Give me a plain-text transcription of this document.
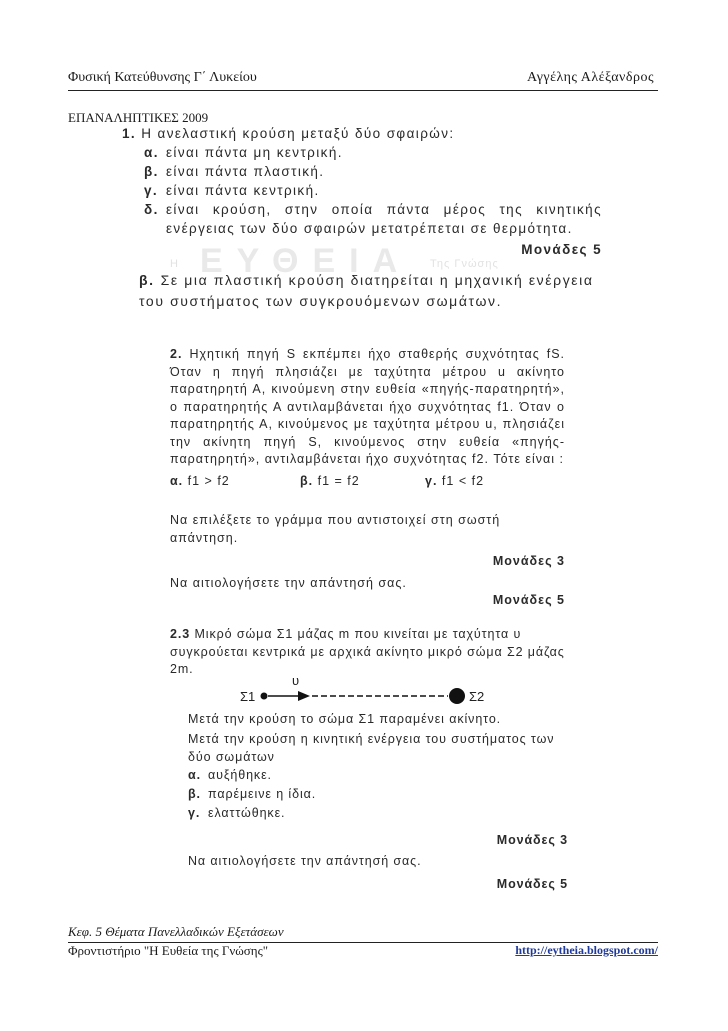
Φυσική Κατεύθυνσης Γ΄ Λυκείου	Αγγέλης Αλέξανδρος
ΕΠΑΝΑΛΗΠΤΙΚΕΣ 2009
1. Η ανελαστική κρούση μεταξύ δύο σφαιρών:
α. είναι πάντα μη κεντρική.
β. είναι πάντα πλαστική.
γ. είναι πάντα κεντρική.
δ. είναι κρούση, στην οποία πάντα μέρος της κινητικής ενέργειας των δύο σφαιρών μετατρέπεται σε θερμότητα.
Μονάδες 5
Η ΕΥΘΕΙΑ Της Γνώσης
β. Σε μια πλαστική κρούση διατηρείται η μηχανική ενέργεια του συστήματος των συγκρουόμενων σωμάτων.
2. Ηχητική πηγή S εκπέμπει ήχο σταθερής συχνότητας fS. Όταν η πηγή πλησιάζει με ταχύτητα μέτρου u ακίνητο παρατηρητή Α, κινούμενη στην ευθεία «πηγής-παρατηρητή», ο παρατηρητής Α αντιλαμβάνεται ήχο συχνότητας f1. Όταν ο παρατηρητής Α, κινούμενος με ταχύτητα μέτρου u, πλησιάζει την ακίνητη πηγή S, κινούμενος στην ευθεία «πηγής-παρατηρητή», αντιλαμβάνεται ήχο συχνότητας f2. Τότε είναι :
α. f1 > f2	β. f1 = f2	γ. f1 < f2
Να επιλέξετε το γράμμα που αντιστοιχεί στη σωστή απάντηση.
Μονάδες 3
Να αιτιολογήσετε την απάντησή σας.
Μονάδες 5
2.3 Μικρό σώμα Σ1 μάζας m που κινείται με ταχύτητα υ συγκρούεται κεντρικά με αρχικά ακίνητο μικρό σώμα Σ2 μάζας 2m.
Σ1
υ
Σ2
Μετά την κρούση το σώμα Σ1 παραμένει ακίνητο.
Μετά την κρούση η κινητική ενέργεια του συστήματος των δύο σωμάτων
α. αυξήθηκε.
β. παρέμεινε η ίδια.
γ. ελαττώθηκε.
Μονάδες 3
Να αιτιολογήσετε την απάντησή σας.
Μονάδες 5
Κεφ. 5 Θέματα Πανελλαδικών Εξετάσεων
Φροντιστήριο "Η Ευθεία της Γνώσης"	http://eytheia.blogspot.com/
